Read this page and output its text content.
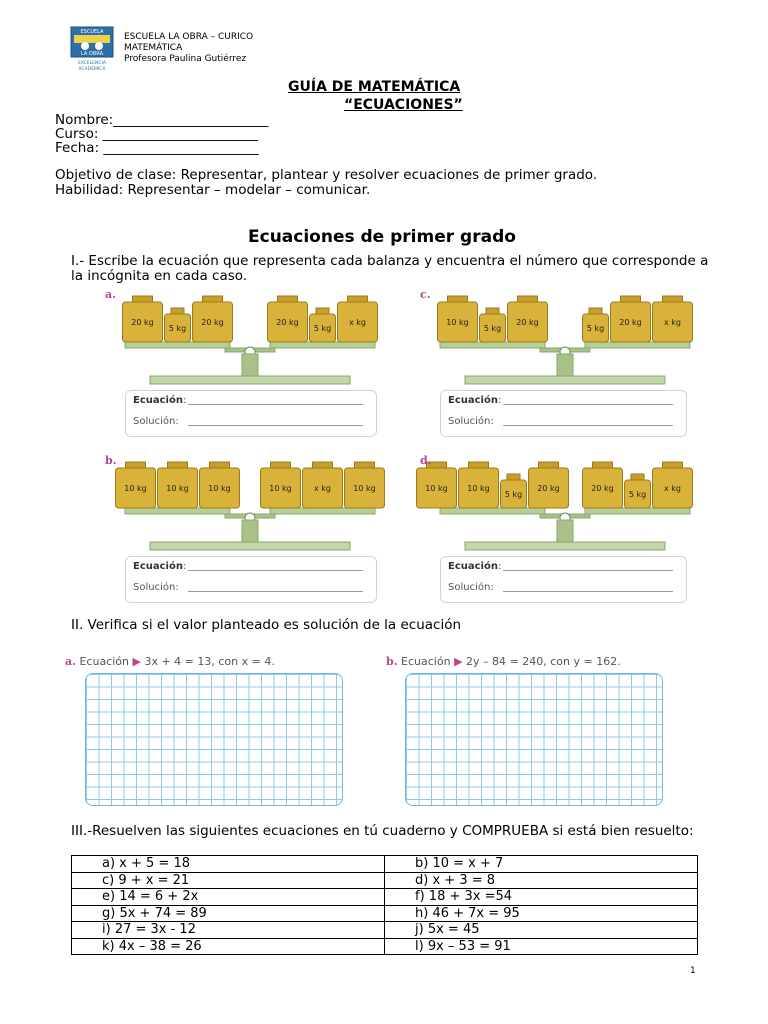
ESCUELA
LA OBRA
EXCELENCIA
ACADÉMICA
ESCUELA LA OBRA – CURICO
MATEMÁTICA
Profesora Paulina Gutiérrez
GUÍA DE MATEMÁTICA
“ECUACIONES”
Nombre:_______________________
Curso: _______________________
Fecha: _______________________
Objetivo de clase: Representar, plantear y resolver ecuaciones de primer grado.
Habilidad: Representar – modelar – comunicar.
Ecuaciones de primer grado
I.- Escribe la ecuación que representa cada balanza y encuentra el número que corresponde a la incógnita en cada caso.
20 kg
5 kg
20 kg	20 kg
5 kg
x kg
a.
Ecuación:
Solución:
10 kg
5 kg
20 kg
5 kg
20 kg	x kg
c.
Ecuación:
Solución:
10 kg 10 kg 10 kg	10 kg	x kg	10 kg
b.
Ecuación:
Solución:
10 kg 10 kg
5 kg
20 kg	20 kg
5 kg
x kg
d.
Ecuación:
Solución:
II. Verifica si el valor planteado es solución de la ecuación
a. Ecuación ▶ 3x + 4 = 13, con x = 4.	b. Ecuación ▶ 2y – 84 = 240, con y = 162.
III.-Resuelven las siguientes ecuaciones en tú cuaderno y COMPRUEBA si está bien resuelto:
a) x + 5 = 18	b) 10 = x + 7
c) 9 + x = 21	d) x + 3 = 8
e) 14 = 6 + 2x	f) 18 + 3x =54
g) 5x + 74 = 89	h) 46 + 7x = 95
i) 27 = 3x - 12	j) 5x = 45
k) 4x – 38 = 26	l) 9x – 53 = 91
1
